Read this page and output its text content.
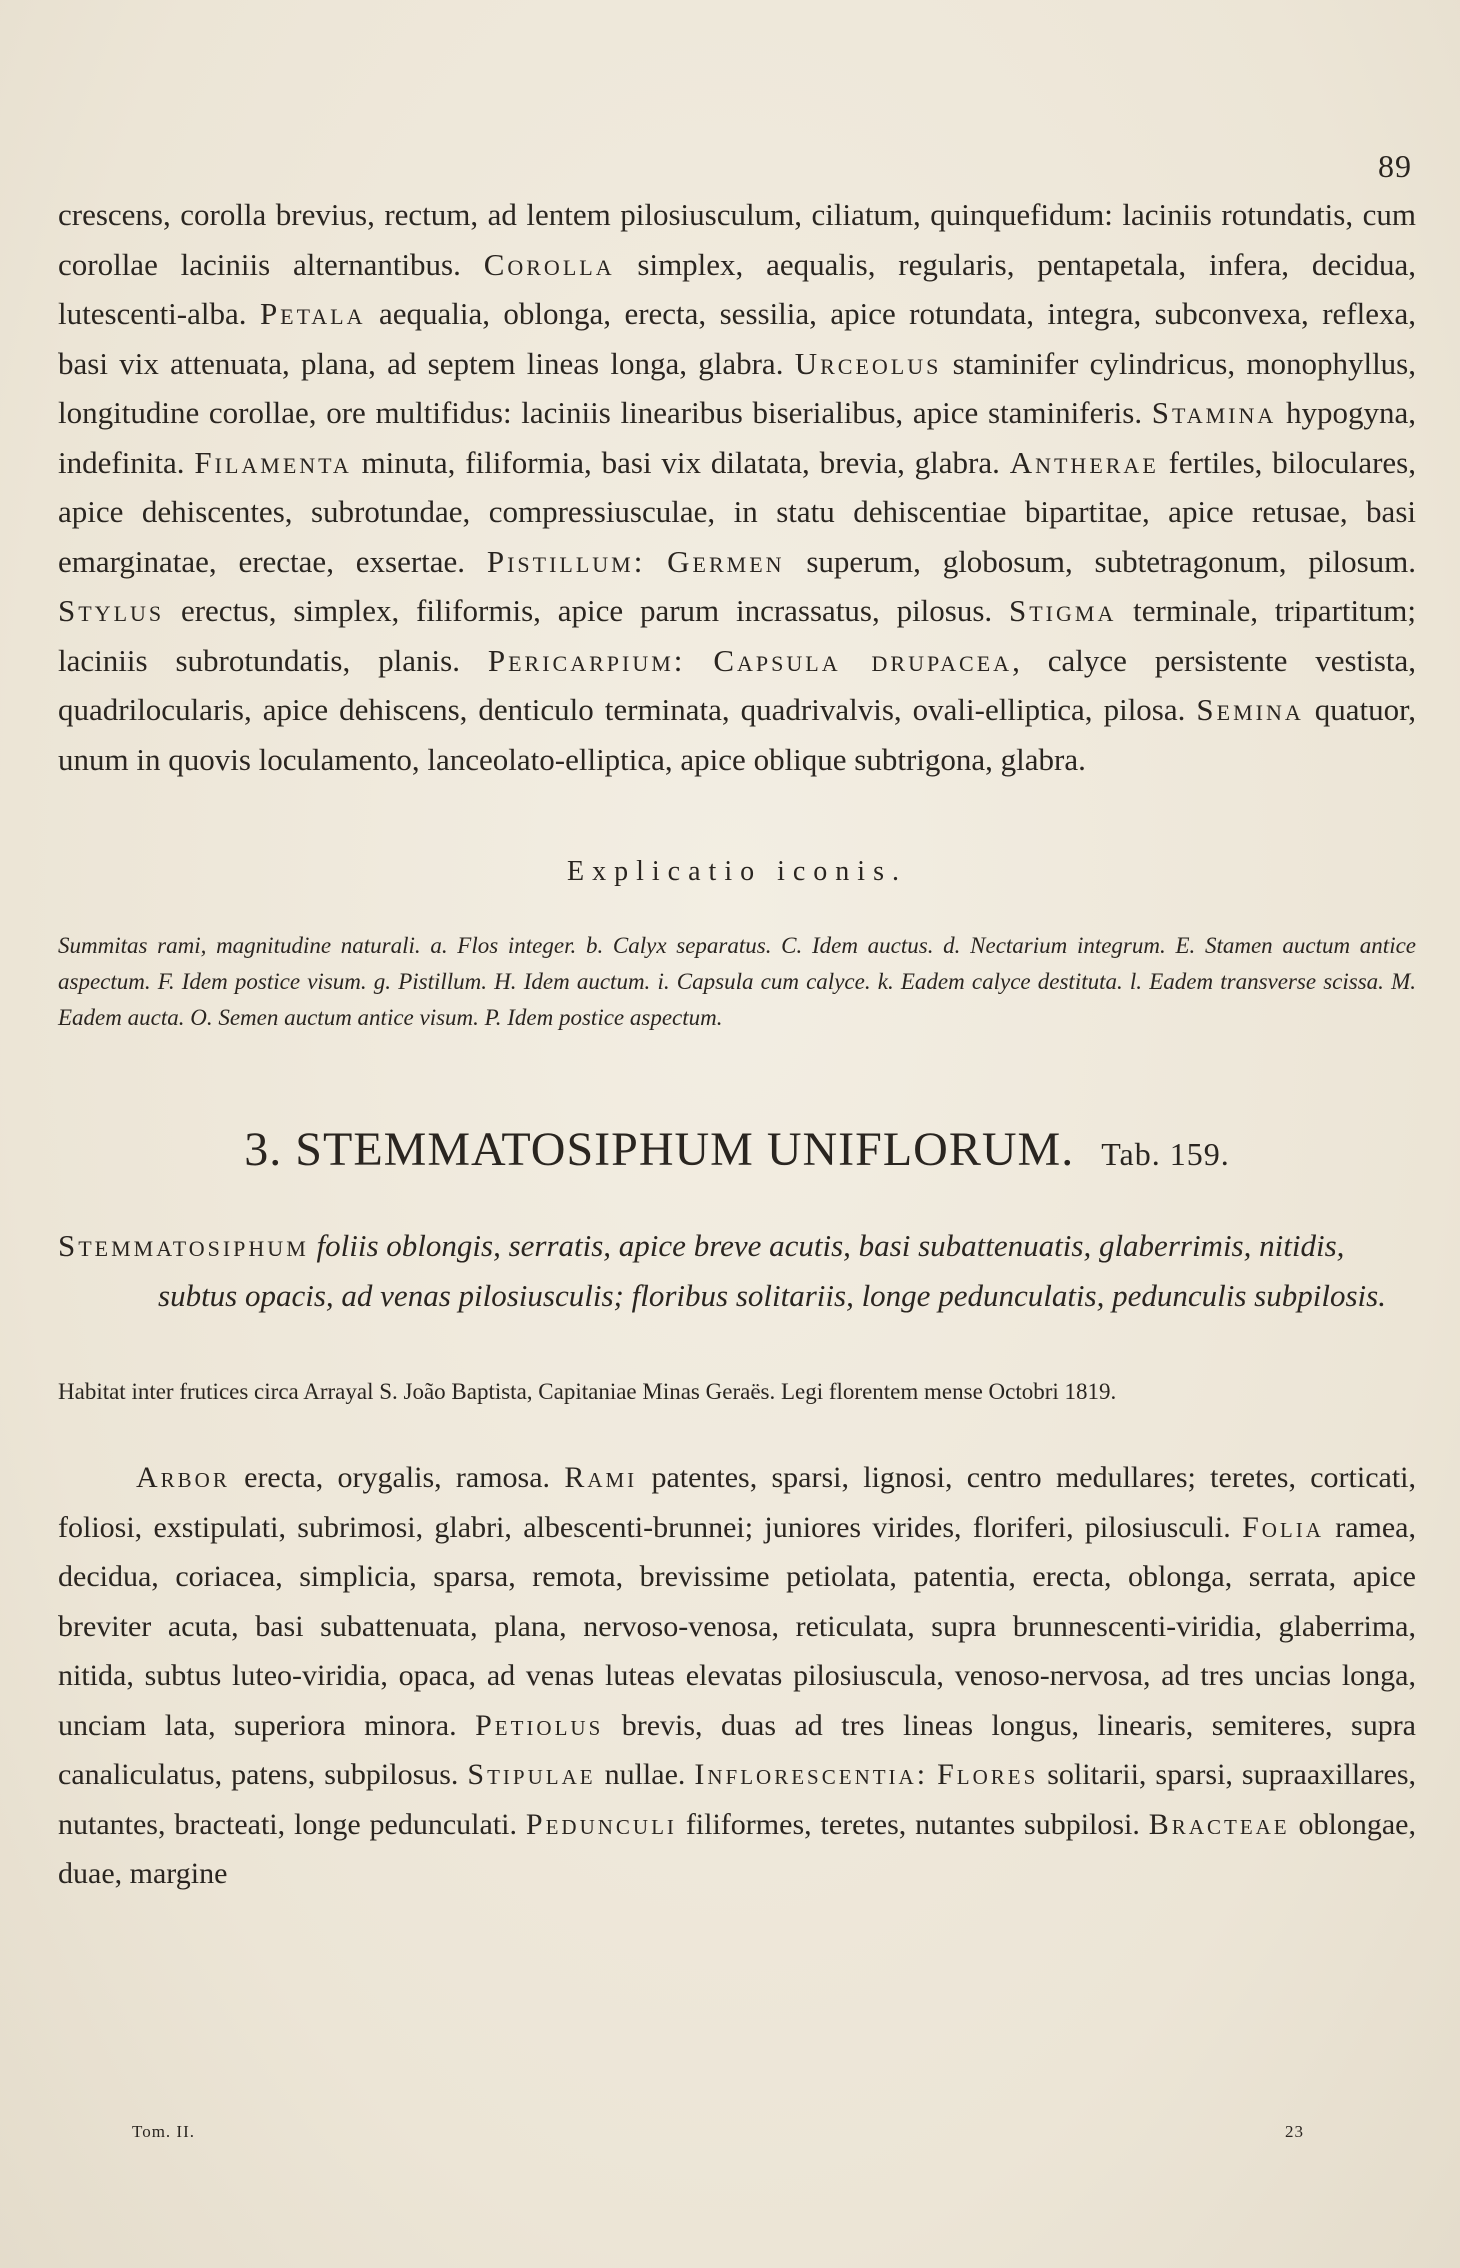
89

crescens, corolla brevius, rectum, ad lentem pilosiusculum, ciliatum, quinquefidum: laciniis rotundatis, cum corollae laciniis alternantibus. Corolla simplex, aequalis, regularis, pentapetala, infera, decidua, lutescenti-alba. Petala aequalia, oblonga, erecta, sessilia, apice rotundata, integra, subconvexa, reflexa, basi vix attenuata, plana, ad septem lineas longa, glabra. Urceolus staminifer cylindricus, monophyllus, longitudine corollae, ore multifidus: laciniis linearibus biserialibus, apice staminiferis. Stamina hypogyna, indefinita. Filamenta minuta, filiformia, basi vix dilatata, brevia, glabra. Antherae fertiles, biloculares, apice dehiscentes, subrotundae, compressiusculae, in statu dehiscentiae bipartitae, apice retusae, basi emarginatae, erectae, exsertae. Pistillum: Germen superum, globosum, subtetragonum, pilosum. Stylus erectus, simplex, filiformis, apice parum incrassatus, pilosus. Stigma terminale, tripartitum; laciniis subrotundatis, planis. Pericarpium: Capsula drupacea, calyce persistente vestista, quadrilocularis, apice dehiscens, denticulo terminata, quadrivalvis, ovali-elliptica, pilosa. Semina quatuor, unum in quovis loculamento, lanceolato-elliptica, apice oblique subtrigona, glabra.

Explicatio iconis.

Summitas rami, magnitudine naturali. a. Flos integer. b. Calyx separatus. C. Idem auctus. d. Nectarium integrum. E. Stamen auctum antice aspectum. F. Idem postice visum. g. Pistillum. H. Idem auctum. i. Capsula cum calyce. k. Eadem calyce destituta. l. Eadem transverse scissa. M. Eadem aucta. O. Semen auctum antice visum. P. Idem postice aspectum.

3. STEMMATOSIPHUM UNIFLORUM. Tab. 159.

Stemmatosiphum foliis oblongis, serratis, apice breve acutis, basi subattenuatis, glaberrimis, nitidis, subtus opacis, ad venas pilosiusculis; floribus solitariis, longe pedunculatis, pedunculis subpilosis.

Habitat inter frutices circa Arrayal S. João Baptista, Capitaniae Minas Geraës. Legi florentem mense Octobri 1819.

Arbor erecta, orygalis, ramosa. Rami patentes, sparsi, lignosi, centro medullares; teretes, corticati, foliosi, exstipulati, subrimosi, glabri, albescenti-brunnei; juniores virides, floriferi, pilosiusculi. Folia ramea, decidua, coriacea, simplicia, sparsa, remota, brevissime petiolata, patentia, erecta, oblonga, serrata, apice breviter acuta, basi subattenuata, plana, nervoso-venosa, reticulata, supra brunnescenti-viridia, glaberrima, nitida, subtus luteo-viridia, opaca, ad venas luteas elevatas pilosiuscula, venoso-nervosa, ad tres uncias longa, unciam lata, superiora minora. Petiolus brevis, duas ad tres lineas longus, linearis, semiteres, supra canaliculatus, patens, subpilosus. Stipulae nullae. Inflorescentia: Flores solitarii, sparsi, supraaxillares, nutantes, bracteati, longe pedunculati. Pedunculi filiformes, teretes, nutantes subpilosi. Bracteae oblongae, duae, margine

Tom. II.	23
